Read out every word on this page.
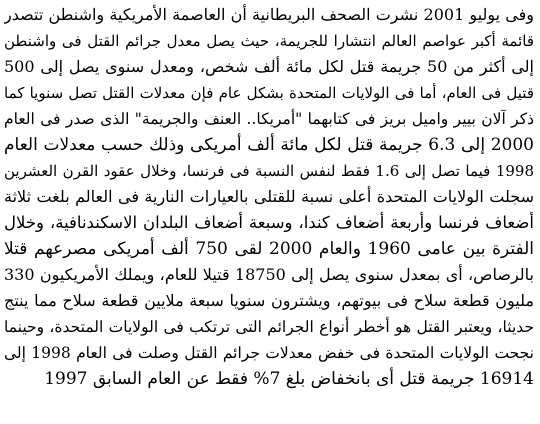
وفى يوليو 2001 نشرت الصحف البريطانية أن العاصمة الأمريكية واشنطن تتصدر
قائمة أكبر عواصم العالم انتشارا للجريمة، حيث يصل معدل جرائم القتل فى واشنطن
إلى أكثر من 50 جريمة قتل لكل مائة ألف شخص، ومعدل سنوى يصل إلى 500
قتيل فى العام، أما فى الولايات المتحدة بشكل عام فإن معدلات القتل تصل سنويا كما
ذكر آلان بيير واميل بريز فى كتابهما "أمريكا.. العنف والجريمة" الذى صدر فى العام
2000 إلى 6.3 جريمة قتل لكل مائة ألف أمريكى وذلك حسب معدلات العام
1998 فيما تصل إلى 1.6 فقط لنفس النسبة فى فرنسا، وخلال عقود القرن العشرين
سجلت الولايات المتحدة أعلى نسبة للقتلى بالعيارات النارية فى العالم بلغت ثلاثة
أضعاف فرنسا وأربعة أضعاف كندا، وسبعة أضعاف البلدان الاسكندنافية، وخلال
الفترة بين عامى 1960 والعام 2000 لقى 750 ألف أمريكى مصرعهم قتلا
بالرصاص، أى بمعدل سنوى يصل إلى 18750 قتيلا للعام، ويملك الأمريكيون 330
مليون قطعة سلاح فى بيوتهم، ويشترون سنويا سبعة ملايين قطعة سلاح مما ينتج
حديثا، ويعتبر القتل هو أخطر أنواع الجرائم التى ترتكب فى الولايات المتحدة، وحينما
نجحت الولايات المتحدة فى خفض معدلات جرائم القتل وصلت فى العام 1998 إلى
16914 جريمة قتل أى بانخفاض بلغ 7% فقط عن العام السابق 1997
